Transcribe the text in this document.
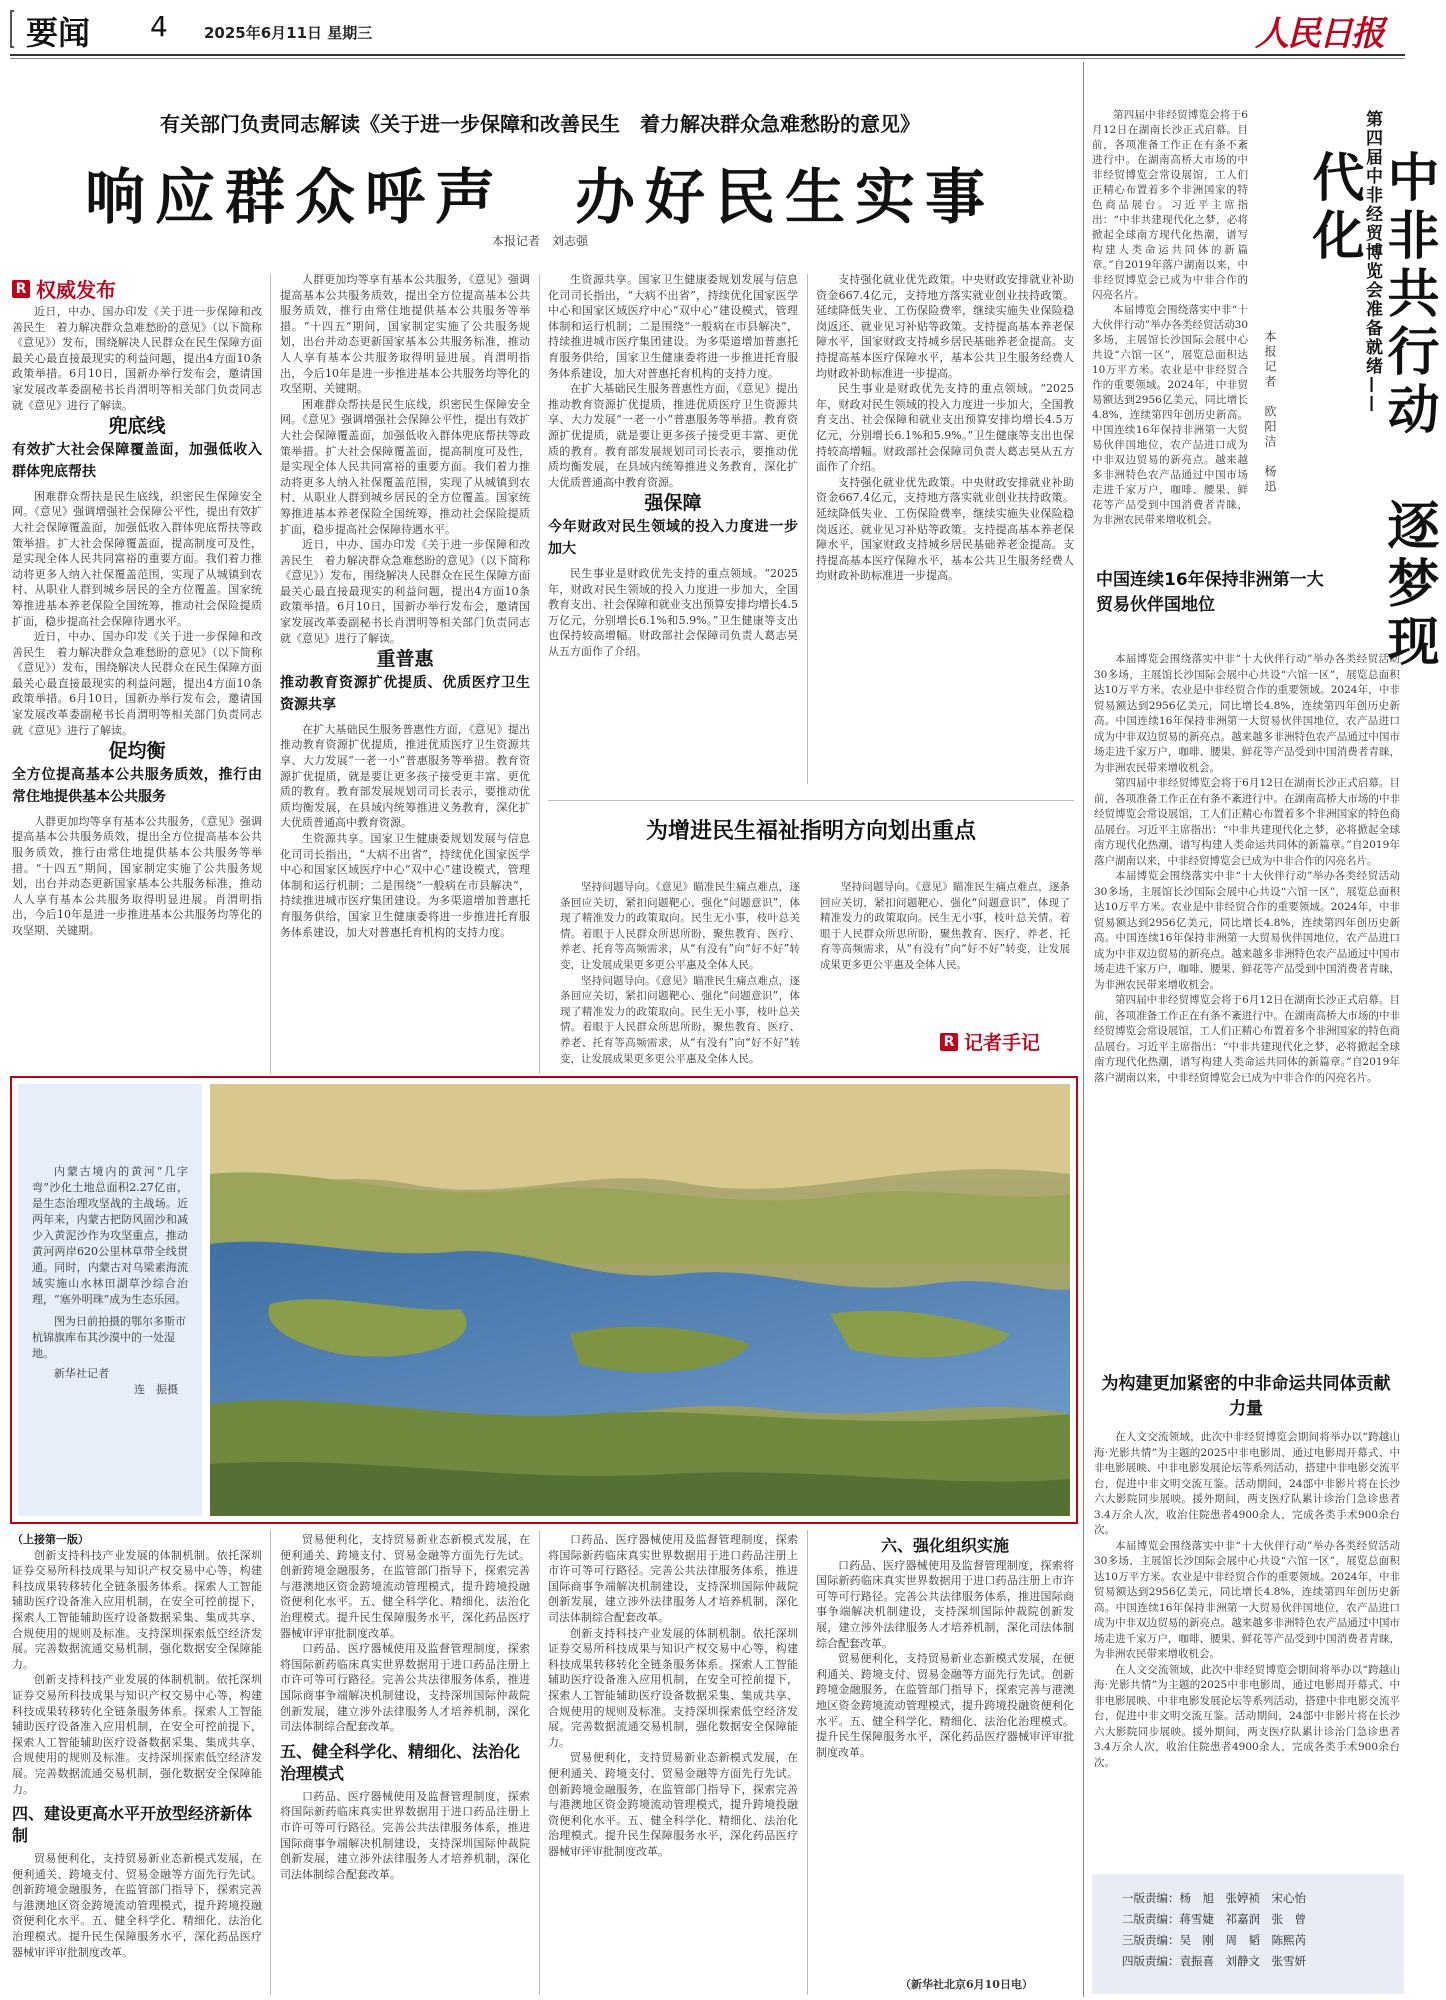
要闻 4 2025年6月11日 星期三	人民日报
有关部门负责同志解读《关于进一步保障和改善民生　着力解决群众急难愁盼的意见》
响应群众呼声　办好民生实事
本报记者　刘志强
R 权威发布

近日，中办、国办印发《关于进一步保障和改善民生　着力解决群众急难愁盼的意见》（以下简称《意见》）发布，围绕解决人民群众在民生保障方面最关心最直接最现实的利益问题，提出4方面10条政策举措。6月10日，国新办举行发布会，邀请国家发展改革委副秘书长肖渭明等相关部门负责同志就《意见》进行了解读。

兜底线
有效扩大社会保障覆盖面，加强低收入群体兜底帮扶

困难群众帮扶是民生底线，织密民生保障安全网。《意见》强调增强社会保障公平性，提出有效扩大社会保障覆盖面，加强低收入群体兜底帮扶等政策举措。扩大社会保障覆盖面，提高制度可及性，是实现全体人民共同富裕的重要方面。我们着力推动将更多人纳入社保覆盖范围，实现了从城镇到农村、从职业人群到城乡居民的全方位覆盖。国家统筹推进基本养老保险全国统筹，推动社会保险提质扩面，稳步提高社会保障待遇水平。

近日，中办、国办印发《关于进一步保障和改善民生　着力解决群众急难愁盼的意见》（以下简称《意见》）发布，围绕解决人民群众在民生保障方面最关心最直接最现实的利益问题，提出4方面10条政策举措。6月10日，国新办举行发布会，邀请国家发展改革委副秘书长肖渭明等相关部门负责同志就《意见》进行了解读。

促均衡
全方位提高基本公共服务质效，推行由常住地提供基本公共服务

人群更加均等享有基本公共服务，《意见》强调提高基本公共服务质效，提出全方位提高基本公共服务质效，推行由常住地提供基本公共服务等举措。“十四五”期间，国家制定实施了公共服务规划，出台并动态更新国家基本公共服务标准，推动人人享有基本公共服务取得明显进展。肖渭明指出，今后10年是进一步推进基本公共服务均等化的攻坚期、关键期。

人群更加均等享有基本公共服务，《意见》强调提高基本公共服务质效，提出全方位提高基本公共服务质效，推行由常住地提供基本公共服务等举措。“十四五”期间，国家制定实施了公共服务规划，出台并动态更新国家基本公共服务标准，推动人人享有基本公共服务取得明显进展。肖渭明指出，今后10年是进一步推进基本公共服务均等化的攻坚期、关键期。

困难群众帮扶是民生底线，织密民生保障安全网。《意见》强调增强社会保障公平性，提出有效扩大社会保障覆盖面，加强低收入群体兜底帮扶等政策举措。扩大社会保障覆盖面，提高制度可及性，是实现全体人民共同富裕的重要方面。我们着力推动将更多人纳入社保覆盖范围，实现了从城镇到农村、从职业人群到城乡居民的全方位覆盖。国家统筹推进基本养老保险全国统筹，推动社会保险提质扩面，稳步提高社会保障待遇水平。

近日，中办、国办印发《关于进一步保障和改善民生　着力解决群众急难愁盼的意见》（以下简称《意见》）发布，围绕解决人民群众在民生保障方面最关心最直接最现实的利益问题，提出4方面10条政策举措。6月10日，国新办举行发布会，邀请国家发展改革委副秘书长肖渭明等相关部门负责同志就《意见》进行了解读。

重普惠
推动教育资源扩优提质、优质医疗卫生资源共享

在扩大基础民生服务普惠性方面，《意见》提出推动教育资源扩优提质，推进优质医疗卫生资源共享、大力发展“一老一小”普惠服务等举措。教育资源扩优提质，就是要让更多孩子接受更丰富、更优质的教育。教育部发展规划司司长表示，要推动优质均衡发展，在县域内统筹推进义务教育，深化扩大优质普通高中教育资源。

生资源共享。国家卫生健康委规划发展与信息化司司长指出，“大病不出省”，持续优化国家医学中心和国家区域医疗中心“双中心”建设模式，管理体制和运行机制；二是围绕“一般病在市县解决”，持续推进城市医疗集团建设。为多渠道增加普惠托育服务供给，国家卫生健康委将进一步推进托育服务体系建设，加大对普惠托育机构的支持力度。

生资源共享。国家卫生健康委规划发展与信息化司司长指出，“大病不出省”，持续优化国家医学中心和国家区域医疗中心“双中心”建设模式，管理体制和运行机制；二是围绕“一般病在市县解决”，持续推进城市医疗集团建设。为多渠道增加普惠托育服务供给，国家卫生健康委将进一步推进托育服务体系建设，加大对普惠托育机构的支持力度。

在扩大基础民生服务普惠性方面，《意见》提出推动教育资源扩优提质，推进优质医疗卫生资源共享、大力发展“一老一小”普惠服务等举措。教育资源扩优提质，就是要让更多孩子接受更丰富、更优质的教育。教育部发展规划司司长表示，要推动优质均衡发展，在县域内统筹推进义务教育，深化扩大优质普通高中教育资源。

强保障
今年财政对民生领域的投入力度进一步加大

民生事业是财政优先支持的重点领域。“2025年，财政对民生领域的投入力度进一步加大，全国教育支出、社会保障和就业支出预算安排均增长4.5万亿元，分别增长6.1%和5.9%。”卫生健康等支出也保持较高增幅。财政部社会保障司负责人葛志昊从五方面作了介绍。

支持强化就业优先政策。中央财政安排就业补助资金667.4亿元，支持地方落实就业创业扶持政策。延续降低失业、工伤保险费率，继续实施失业保险稳岗返还、就业见习补贴等政策。支持提高基本养老保障水平，国家财政支持城乡居民基础养老金提高。支持提高基本医疗保障水平，基本公共卫生服务经费人均财政补助标准进一步提高。

民生事业是财政优先支持的重点领域。“2025年，财政对民生领域的投入力度进一步加大，全国教育支出、社会保障和就业支出预算安排均增长4.5万亿元，分别增长6.1%和5.9%。”卫生健康等支出也保持较高增幅。财政部社会保障司负责人葛志昊从五方面作了介绍。

支持强化就业优先政策。中央财政安排就业补助资金667.4亿元，支持地方落实就业创业扶持政策。延续降低失业、工伤保险费率，继续实施失业保险稳岗返还、就业见习补贴等政策。支持提高基本养老保障水平，国家财政支持城乡居民基础养老金提高。支持提高基本医疗保障水平，基本公共卫生服务经费人均财政补助标准进一步提高。

为增进民生福祉指明方向划出重点

坚持问题导向。《意见》瞄准民生痛点难点，逐条回应关切，紧扣问题靶心、强化“问题意识”，体现了精准发力的政策取向。民生无小事，枝叶总关情。着眼于人民群众所思所盼，聚焦教育、医疗、养老、托育等高频需求，从“有没有”向“好不好”转变，让发展成果更多更公平惠及全体人民。

坚持问题导向。《意见》瞄准民生痛点难点，逐条回应关切，紧扣问题靶心、强化“问题意识”，体现了精准发力的政策取向。民生无小事，枝叶总关情。着眼于人民群众所思所盼，聚焦教育、医疗、养老、托育等高频需求，从“有没有”向“好不好”转变，让发展成果更多更公平惠及全体人民。

坚持问题导向。《意见》瞄准民生痛点难点，逐条回应关切，紧扣问题靶心、强化“问题意识”，体现了精准发力的政策取向。民生无小事，枝叶总关情。着眼于人民群众所思所盼，聚焦教育、医疗、养老、托育等高频需求，从“有没有”向“好不好”转变，让发展成果更多更公平惠及全体人民。

R 记者手记
内蒙古境内的黄河“几字弯”沙化土地总面积2.27亿亩，是生态治理攻坚战的主战场。近两年来，内蒙古把防风固沙和减少入黄泥沙作为攻坚重点，推动黄河两岸620公里林草带全线贯通。同时，内蒙古对乌梁素海流域实施山水林田湖草沙综合治理，“塞外明珠”成为生态乐园。
图为日前拍摄的鄂尔多斯市杭锦旗库布其沙漠中的一处湿地。
新华社记者
连　振摄
（上接第一版）

创新支持科技产业发展的体制机制。依托深圳证券交易所科技成果与知识产权交易中心等，构建科技成果转移转化全链条服务体系。探索人工智能辅助医疗设备准入应用机制，在安全可控前提下，探索人工智能辅助医疗设备数据采集、集成共享、合规使用的规则及标准。支持深圳探索低空经济发展。完善数据流通交易机制，强化数据安全保障能力。

创新支持科技产业发展的体制机制。依托深圳证券交易所科技成果与知识产权交易中心等，构建科技成果转移转化全链条服务体系。探索人工智能辅助医疗设备准入应用机制，在安全可控前提下，探索人工智能辅助医疗设备数据采集、集成共享、合规使用的规则及标准。支持深圳探索低空经济发展。完善数据流通交易机制，强化数据安全保障能力。

四、建设更高水平开放型经济新体制

贸易便利化，支持贸易新业态新模式发展，在便利通关、跨境支付、贸易金融等方面先行先试。创新跨境金融服务，在监管部门指导下，探索完善与港澳地区资金跨境流动管理模式，提升跨境投融资便利化水平。五、健全科学化、精细化、法治化治理模式。提升民生保障服务水平，深化药品医疗器械审评审批制度改革。

贸易便利化，支持贸易新业态新模式发展，在便利通关、跨境支付、贸易金融等方面先行先试。创新跨境金融服务，在监管部门指导下，探索完善与港澳地区资金跨境流动管理模式，提升跨境投融资便利化水平。五、健全科学化、精细化、法治化治理模式。提升民生保障服务水平，深化药品医疗器械审评审批制度改革。

口药品、医疗器械使用及监督管理制度，探索将国际新药临床真实世界数据用于进口药品注册上市许可等可行路径。完善公共法律服务体系，推进国际商事争端解决机制建设，支持深圳国际仲裁院创新发展，建立涉外法律服务人才培养机制，深化司法体制综合配套改革。

五、健全科学化、精细化、法治化治理模式

口药品、医疗器械使用及监督管理制度，探索将国际新药临床真实世界数据用于进口药品注册上市许可等可行路径。完善公共法律服务体系，推进国际商事争端解决机制建设，支持深圳国际仲裁院创新发展，建立涉外法律服务人才培养机制，深化司法体制综合配套改革。

口药品、医疗器械使用及监督管理制度，探索将国际新药临床真实世界数据用于进口药品注册上市许可等可行路径。完善公共法律服务体系，推进国际商事争端解决机制建设，支持深圳国际仲裁院创新发展，建立涉外法律服务人才培养机制，深化司法体制综合配套改革。

创新支持科技产业发展的体制机制。依托深圳证券交易所科技成果与知识产权交易中心等，构建科技成果转移转化全链条服务体系。探索人工智能辅助医疗设备准入应用机制，在安全可控前提下，探索人工智能辅助医疗设备数据采集、集成共享、合规使用的规则及标准。支持深圳探索低空经济发展。完善数据流通交易机制，强化数据安全保障能力。

贸易便利化，支持贸易新业态新模式发展，在便利通关、跨境支付、贸易金融等方面先行先试。创新跨境金融服务，在监管部门指导下，探索完善与港澳地区资金跨境流动管理模式，提升跨境投融资便利化水平。五、健全科学化、精细化、法治化治理模式。提升民生保障服务水平，深化药品医疗器械审评审批制度改革。

六、强化组织实施

口药品、医疗器械使用及监督管理制度，探索将国际新药临床真实世界数据用于进口药品注册上市许可等可行路径。完善公共法律服务体系，推进国际商事争端解决机制建设，支持深圳国际仲裁院创新发展，建立涉外法律服务人才培养机制，深化司法体制综合配套改革。

贸易便利化，支持贸易新业态新模式发展，在便利通关、跨境支付、贸易金融等方面先行先试。创新跨境金融服务，在监管部门指导下，探索完善与港澳地区资金跨境流动管理模式，提升跨境投融资便利化水平。五、健全科学化、精细化、法治化治理模式。提升民生保障服务水平，深化药品医疗器械审评审批制度改革。

（新华社北京6月10日电）

第四届中非经贸博览会将于6月12日在湖南长沙正式启幕。目前，各项准备工作正在有条不紊进行中。在湖南高桥大市场的中非经贸博览会常设展馆，工人们正精心布置着多个非洲国家的特色商品展台。习近平主席指出：“中非共建现代化之梦，必将掀起全球南方现代化热潮，谱写构建人类命运共同体的新篇章。”自2019年落户湖南以来，中非经贸博览会已成为中非合作的闪亮名片。

本届博览会围绕落实中非“十大伙伴行动”举办各类经贸活动30多场，主展馆长沙国际会展中心共设“六馆一区”，展览总面积达10万平方米。农业是中非经贸合作的重要领域。2024年，中非贸易额达到2956亿美元，同比增长4.8%，连续第四年创历史新高。中国连续16年保持非洲第一大贸易伙伴国地位，农产品进口成为中非双边贸易的新亮点。越来越多非洲特色农产品通过中国市场走进千家万户，咖啡、腰果、鲜花等产品受到中国消费者青睐，为非洲农民带来增收机会。

第四届中非经贸博览会准备就绪——
中非共行动　逐梦现代化
本报记者　欧阳洁　杨迅
中国连续16年保持非洲第一大贸易伙伴国地位

本届博览会围绕落实中非“十大伙伴行动”举办各类经贸活动30多场，主展馆长沙国际会展中心共设“六馆一区”，展览总面积达10万平方米。农业是中非经贸合作的重要领域。2024年，中非贸易额达到2956亿美元，同比增长4.8%，连续第四年创历史新高。中国连续16年保持非洲第一大贸易伙伴国地位，农产品进口成为中非双边贸易的新亮点。越来越多非洲特色农产品通过中国市场走进千家万户，咖啡、腰果、鲜花等产品受到中国消费者青睐，为非洲农民带来增收机会。

第四届中非经贸博览会将于6月12日在湖南长沙正式启幕。目前，各项准备工作正在有条不紊进行中。在湖南高桥大市场的中非经贸博览会常设展馆，工人们正精心布置着多个非洲国家的特色商品展台。习近平主席指出：“中非共建现代化之梦，必将掀起全球南方现代化热潮，谱写构建人类命运共同体的新篇章。”自2019年落户湖南以来，中非经贸博览会已成为中非合作的闪亮名片。

本届博览会围绕落实中非“十大伙伴行动”举办各类经贸活动30多场，主展馆长沙国际会展中心共设“六馆一区”，展览总面积达10万平方米。农业是中非经贸合作的重要领域。2024年，中非贸易额达到2956亿美元，同比增长4.8%，连续第四年创历史新高。中国连续16年保持非洲第一大贸易伙伴国地位，农产品进口成为中非双边贸易的新亮点。越来越多非洲特色农产品通过中国市场走进千家万户，咖啡、腰果、鲜花等产品受到中国消费者青睐，为非洲农民带来增收机会。

第四届中非经贸博览会将于6月12日在湖南长沙正式启幕。目前，各项准备工作正在有条不紊进行中。在湖南高桥大市场的中非经贸博览会常设展馆，工人们正精心布置着多个非洲国家的特色商品展台。习近平主席指出：“中非共建现代化之梦，必将掀起全球南方现代化热潮，谱写构建人类命运共同体的新篇章。”自2019年落户湖南以来，中非经贸博览会已成为中非合作的闪亮名片。

为构建更加紧密的中非命运共同体贡献力量

在人文交流领域，此次中非经贸博览会期间将举办以“跨越山海·光影共情”为主题的2025中非电影周，通过电影周开幕式、中非电影展映、中非电影发展论坛等系列活动，搭建中非电影交流平台，促进中非文明交流互鉴。活动期间，24部中非影片将在长沙六大影院同步展映。援外期间，两支医疗队累计诊治门急诊患者3.4万余人次，收治住院患者4900余人，完成各类手术900余台次。

本届博览会围绕落实中非“十大伙伴行动”举办各类经贸活动30多场，主展馆长沙国际会展中心共设“六馆一区”，展览总面积达10万平方米。农业是中非经贸合作的重要领域。2024年，中非贸易额达到2956亿美元，同比增长4.8%，连续第四年创历史新高。中国连续16年保持非洲第一大贸易伙伴国地位，农产品进口成为中非双边贸易的新亮点。越来越多非洲特色农产品通过中国市场走进千家万户，咖啡、腰果、鲜花等产品受到中国消费者青睐，为非洲农民带来增收机会。

在人文交流领域，此次中非经贸博览会期间将举办以“跨越山海·光影共情”为主题的2025中非电影周，通过电影周开幕式、中非电影展映、中非电影发展论坛等系列活动，搭建中非电影交流平台，促进中非文明交流互鉴。活动期间，24部中非影片将在长沙六大影院同步展映。援外期间，两支医疗队累计诊治门急诊患者3.4万余人次，收治住院患者4900余人，完成各类手术900余台次。

一版责编：杨　旭　张婷祯　宋心怡
二版责编：蒋雪婕　祁嘉润　张　曾
三版责编：吴　刚　周　韬　陈熙芮
四版责编：袁振喜　刘静文　张雪妍
